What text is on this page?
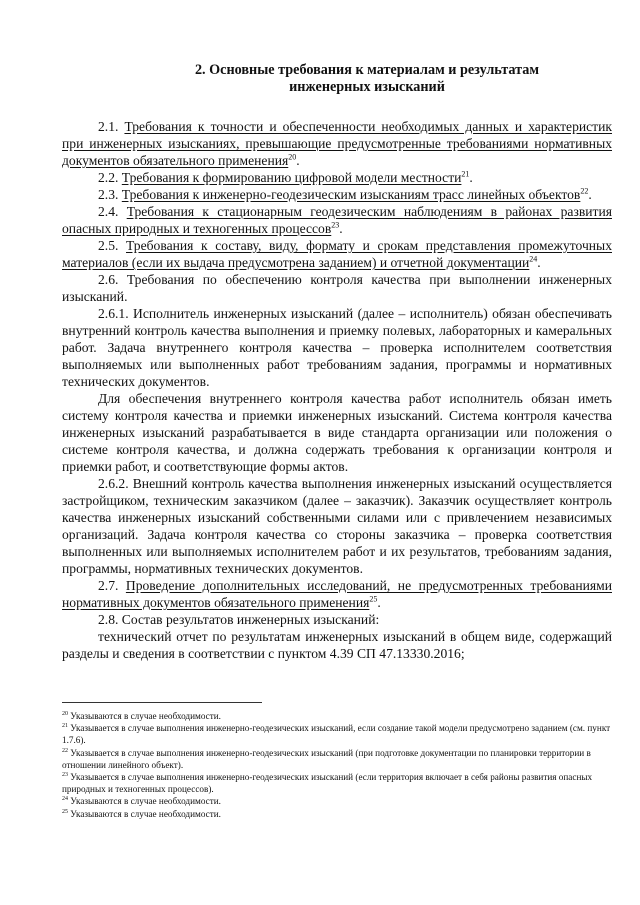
2. Основные требования к материалам и результатам
инженерных изысканий

2.1. Требования к точности и обеспеченности необходимых данных и характеристик при инженерных изысканиях, превышающие предусмотренные требованиями нормативных документов обязательного применения$^{20}$.

2.2. Требования к формированию цифровой модели местности$^{21}$.

2.3. Требования к инженерно-геодезическим изысканиям трасс линейных объектов$^{22}$.

2.4. Требования к стационарным геодезическим наблюдениям в районах развития опасных природных и техногенных процессов$^{23}$.

2.5. Требования к составу, виду, формату и срокам представления промежуточных материалов (если их выдача предусмотрена заданием) и отчетной документации$^{24}$.

2.6. Требования по обеспечению контроля качества при выполнении инженерных изысканий.

2.6.1. Исполнитель инженерных изысканий (далее – исполнитель) обязан обеспечивать внутренний контроль качества выполнения и приемку полевых, лабораторных и камеральных работ. Задача внутреннего контроля качества – проверка исполнителем соответствия выполняемых или выполненных работ требованиям задания, программы и нормативных технических документов.

Для обеспечения внутреннего контроля качества работ исполнитель обязан иметь систему контроля качества и приемки инженерных изысканий. Система контроля качества инженерных изысканий разрабатывается в виде стандарта организации или положения о системе контроля качества, и должна содержать требования к организации контроля и приемки работ, и соответствующие формы актов.

2.6.2. Внешний контроль качества выполнения инженерных изысканий осуществляется застройщиком, техническим заказчиком (далее – заказчик). Заказчик осуществляет контроль качества инженерных изысканий собственными силами или с привлечением независимых организаций. Задача контроля качества со стороны заказчика – проверка соответствия выполненных или выполняемых исполнителем работ и их результатов, требованиям задания, программы, нормативных технических документов.

2.7. Проведение дополнительных исследований, не предусмотренных требованиями нормативных документов обязательного применения$^{25}$.

2.8. Состав результатов инженерных изысканий:

технический отчет по результатам инженерных изысканий в общем виде, содержащий разделы и сведения в соответствии с пунктом 4.39 СП 47.13330.2016;

$^{20}$ Указываются в случае необходимости.

$^{21}$ Указывается в случае выполнения инженерно-геодезических изысканий, если создание такой модели предусмотрено заданием (см. пункт 1.7.6).

$^{22}$ Указывается в случае выполнения инженерно-геодезических изысканий (при подготовке документации по планировки территории в отношении линейного объект).

$^{23}$ Указывается в случае выполнения инженерно-геодезических изысканий (если территория включает в себя районы развития опасных природных и техногенных процессов).

$^{24}$ Указываются в случае необходимости.

$^{25}$ Указываются в случае необходимости.
